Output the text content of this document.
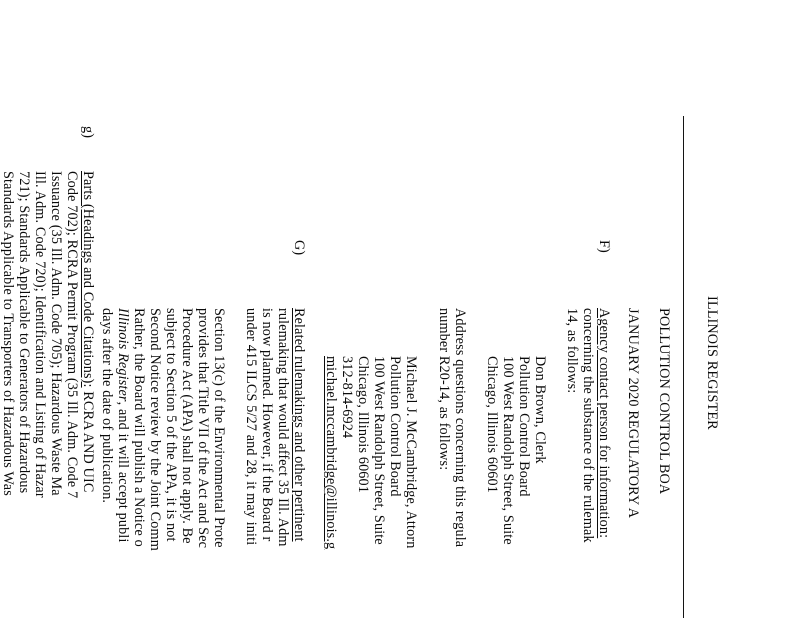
ILLINOIS REGISTER
POLLUTION CONTROL BOA
JANUARY 2020 REGULATORY A
F)
Agency contact person for information:
concerning the substance of the rulemak
14, as follows:
Don Brown, Clerk
Pollution Control Board
100 West Randolph Street, Suite
Chicago, Illinois 60601
Address questions concerning this regula
number R20-14, as follows:
Michael J. McCambridge, Attorn
Pollution Control Board
100 West Randolph Street, Suite
Chicago, Illinois 60601
312-814-6924
michael.mccambridge@illinois.g
G)
Related rulemakings and other pertinent
rulemaking that would affect 35 Ill. Adm
is now planned. However, if the Board r
under 415 ILCS 5/27 and 28, it may initi
Section 13(c) of the Environmental Prote
provides that Title VII of the Act and Sec
Procedure Act (APA) shall not apply. Be
subject to Section 5 of the APA, it is not
Second Notice review by the Joint Comm
Rather, the Board will publish a Notice o
Illinois Register, and it will accept publi
days after the date of publication.
g)
Parts (Headings and Code Citations): RCRA AND UIC
Code 702); RCRA Permit Program (35 Ill. Adm. Code 7
Issuance (35 Ill. Adm. Code 705); Hazardous Waste Ma
Ill. Adm. Code 720); Identification and Listing of Hazar
721); Standards Applicable to Generators of Hazardous
Standards Applicable to Transporters of Hazardous Was
